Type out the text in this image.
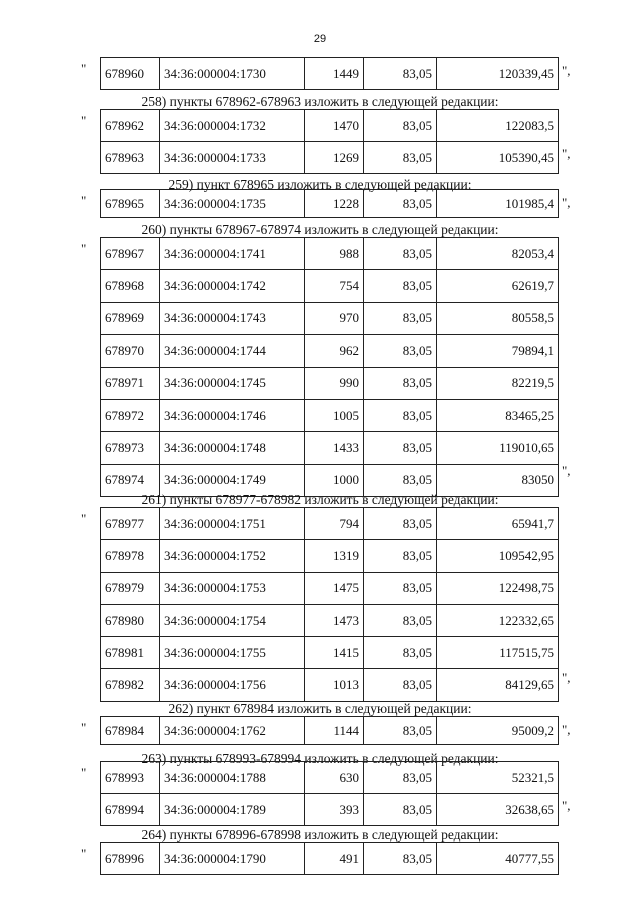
29
" 678960	34:36:000004:1730	1449	83,05	120339,45 ",
258) пункты 678962-678963 изложить в следующей редакции:
" 678962	34:36:000004:1732	1470	83,05	122083,5
678963	34:36:000004:1733	1269	83,05	105390,45 ",
259) пункт 678965 изложить в следующей редакции:
" 678965	34:36:000004:1735	1228	83,05	101985,4 ",
260) пункты 678967-678974 изложить в следующей редакции:
" 678967	34:36:000004:1741	988	83,05	82053,4
678968	34:36:000004:1742	754	83,05	62619,7
678969	34:36:000004:1743	970	83,05	80558,5
678970	34:36:000004:1744	962	83,05	79894,1
678971	34:36:000004:1745	990	83,05	82219,5
678972	34:36:000004:1746	1005	83,05	83465,25
678973	34:36:000004:1748	1433	83,05	119010,65
678974	34:36:000004:1749	1000	83,05	83050
",
261) пункты 678977-678982 изложить в следующей редакции:
" 678977	34:36:000004:1751	794	83,05	65941,7
678978	34:36:000004:1752	1319	83,05	109542,95
678979	34:36:000004:1753	1475	83,05	122498,75
678980	34:36:000004:1754	1473	83,05	122332,65
678981	34:36:000004:1755	1415	83,05	117515,75
678982	34:36:000004:1756	1013	83,05	84129,65
",
262) пункт 678984 изложить в следующей редакции:
" 678984	34:36:000004:1762	1144	83,05	95009,2 ",
263) пункты 678993-678994 изложить в следующей редакции:
" 678993	34:36:000004:1788	630	83,05	52321,5
678994	34:36:000004:1789	393	83,05	32638,65 ",
264) пункты 678996-678998 изложить в следующей редакции:
" 678996	34:36:000004:1790	491	83,05	40777,55
